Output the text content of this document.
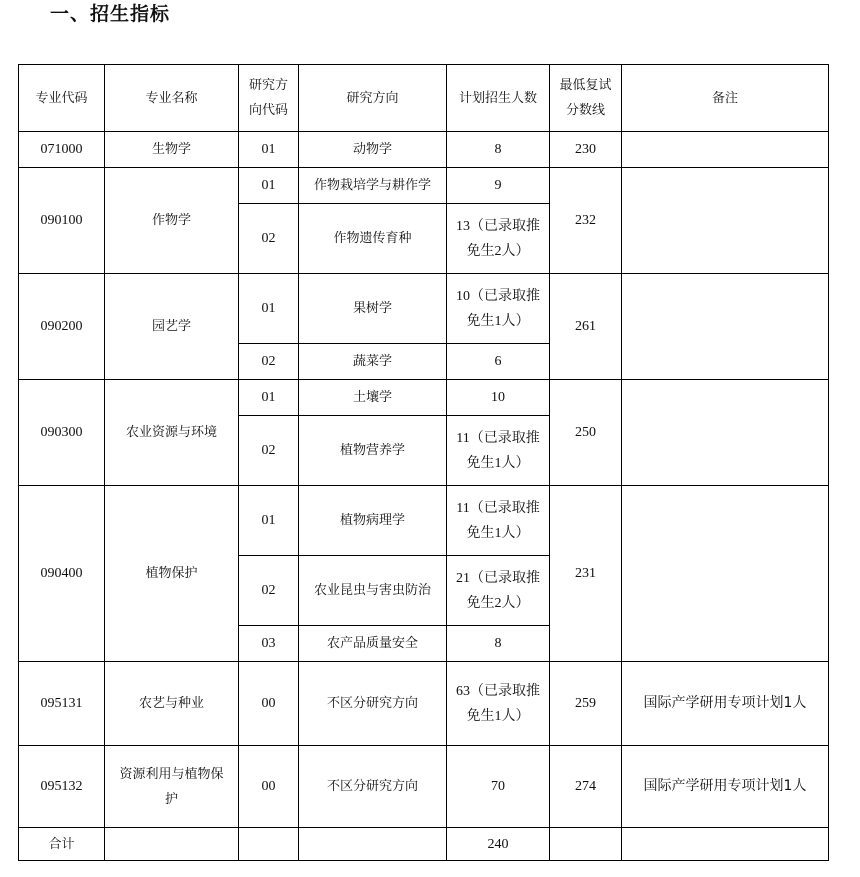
一、招生指标
专业代码	专业名称	研究方向代码	研究方向	计划招生人数	最低复试分数线	备注
071000	生物学	01	动物学	8	230	
090100	作物学	01	作物栽培学与耕作学	9	232	
		02	作物遗传育种	13（已录取推免生2人）		
090200	园艺学	01	果树学	10（已录取推免生1人）	261	
		02	蔬菜学	6		
090300	农业资源与环境	01	土壤学	10	250	
		02	植物营养学	11（已录取推免生1人）		
090400	植物保护	01	植物病理学	11（已录取推免生1人）	231	
		02	农业昆虫与害虫防治	21（已录取推免生2人）		
		03	农产品质量安全	8		
095131	农艺与种业	00	不区分研究方向	63（已录取推免生1人）	259	国际产学研用专项计划1人
095132	资源利用与植物保护	00	不区分研究方向	70	274	国际产学研用专项计划1人
合计				240		
